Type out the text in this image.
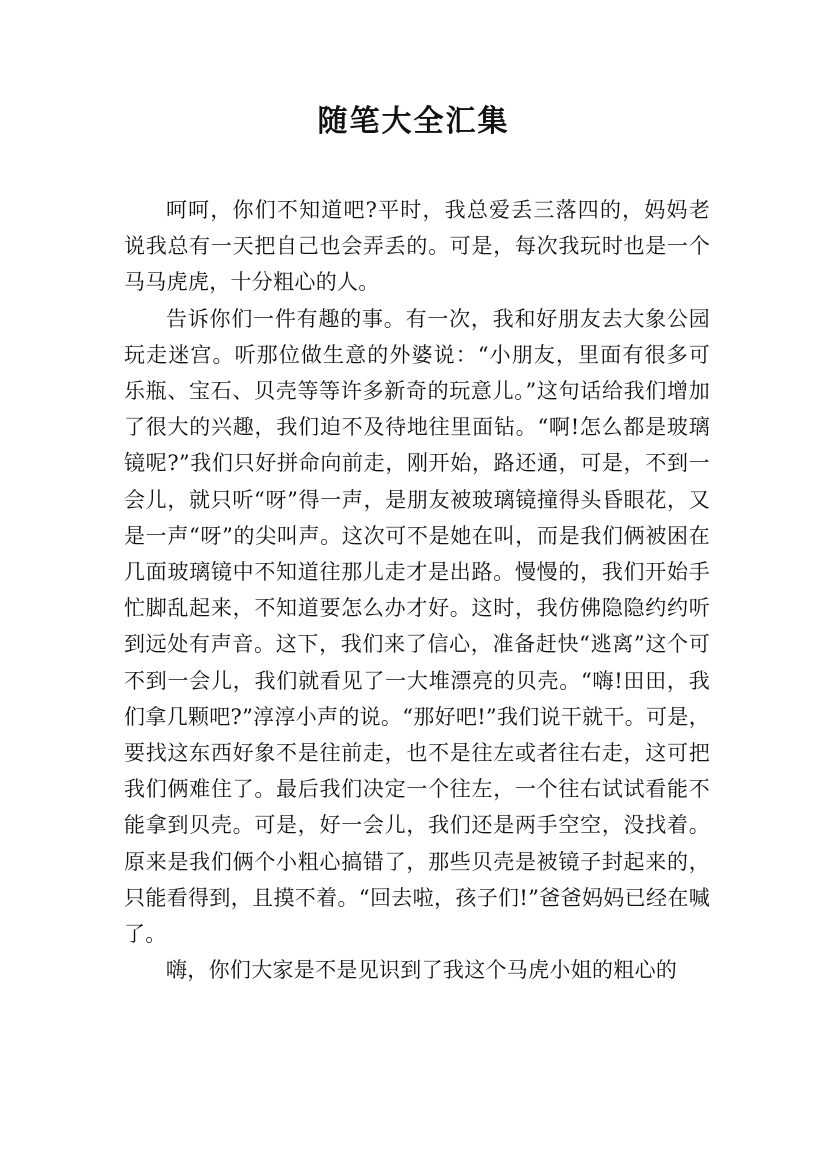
随笔大全汇集

呵呵，你们不知道吧?平时，我总爱丢三落四的，妈妈老说我总有一天把自己也会弄丢的。可是，每次我玩时也是一个马马虎虎，十分粗心的人。

告诉你们一件有趣的事。有一次，我和好朋友去大象公园玩走迷宫。听那位做生意的外婆说：“小朋友，里面有很多可乐瓶、宝石、贝壳等等许多新奇的玩意儿。”这句话给我们增加了很大的兴趣，我们迫不及待地往里面钻。“啊!怎么都是玻璃镜呢?”我们只好拼命向前走，刚开始，路还通，可是，不到一会儿，就只听“呀”得一声，是朋友被玻璃镜撞得头昏眼花，又是一声“呀”的尖叫声。这次可不是她在叫，而是我们俩被困在几面玻璃镜中不知道往那儿走才是出路。慢慢的，我们开始手忙脚乱起来，不知道要怎么办才好。这时，我仿佛隐隐约约听到远处有声音。这下，我们来了信心，准备赶快“逃离”这个可不到一会儿，我们就看见了一大堆漂亮的贝壳。“嗨!田田，我们拿几颗吧?”淳淳小声的说。“那好吧!”我们说干就干。可是，要找这东西好象不是往前走，也不是往左或者往右走，这可把我们俩难住了。最后我们决定一个往左，一个往右试试看能不能拿到贝壳。可是，好一会儿，我们还是两手空空，没找着。原来是我们俩个小粗心搞错了，那些贝壳是被镜子封起来的，只能看得到，且摸不着。“回去啦，孩子们!”爸爸妈妈已经在喊了。

嗨，你们大家是不是见识到了我这个马虎小姐的粗心的
